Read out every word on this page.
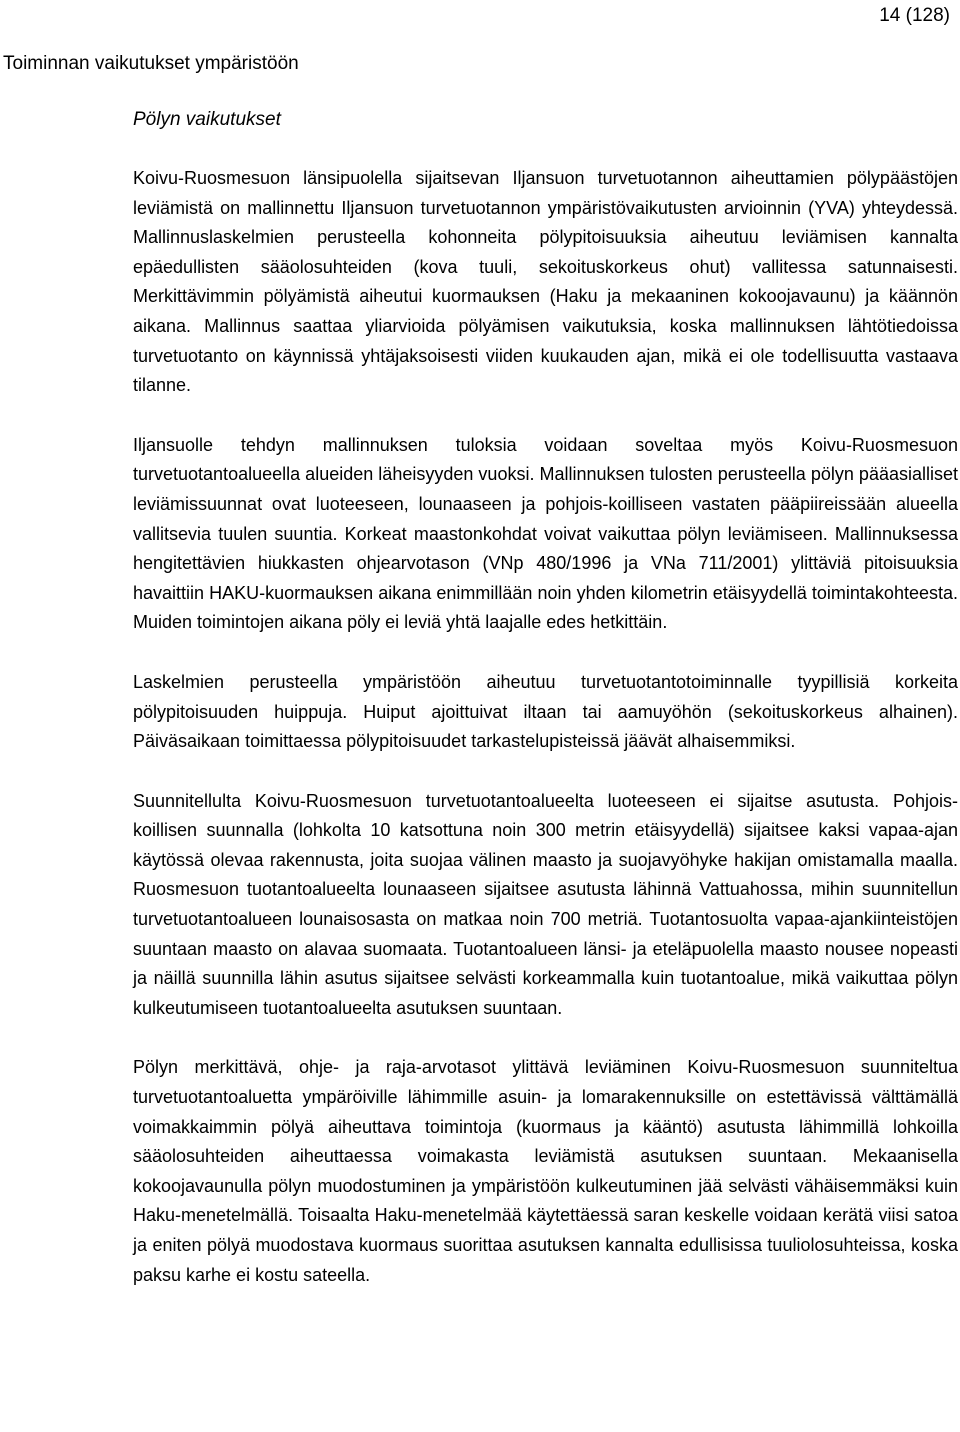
14 (128)
Toiminnan vaikutukset ympäristöön
Pölyn vaikutukset

Koivu-Ruosmesuon länsipuolella sijaitsevan Iljansuon turvetuotannon aiheuttamien pölypäästöjen leviämistä on mallinnettu Iljansuon turvetuotannon ympäristövaikutusten arvioinnin (YVA) yhteydessä. Mallinnuslaskelmien perusteella kohonneita pölypitoisuuksia aiheutuu leviämisen kannalta epäedullisten sääolosuhteiden (kova tuuli, sekoituskorkeus ohut) vallitessa satunnaisesti. Merkittävimmin pölyämistä aiheutui kuormauksen (Haku ja mekaaninen kokoojavaunu) ja käännön aikana. Mallinnus saattaa yliarvioida pölyämisen vaikutuksia, koska mallinnuksen lähtötiedoissa turvetuotanto on käynnissä yhtäjaksoisesti viiden kuukauden ajan, mikä ei ole todellisuutta vastaava tilanne.

Iljansuolle tehdyn mallinnuksen tuloksia voidaan soveltaa myös Koivu-Ruosmesuon turvetuotantoalueella alueiden läheisyyden vuoksi. Mallinnuksen tulosten perusteella pölyn pääasialliset leviämissuunnat ovat luoteeseen, lounaaseen ja pohjois-koilliseen vastaten pääpiireissään alueella vallitsevia tuulen suuntia. Korkeat maastonkohdat voivat vaikuttaa pölyn leviämiseen. Mallinnuksessa hengitettävien hiukkasten ohjearvotason (VNp 480/1996 ja VNa 711/2001) ylittäviä pitoisuuksia havaittiin HAKU-kuormauksen aikana enimmillään noin yhden kilometrin etäisyydellä toimintakohteesta. Muiden toimintojen aikana pöly ei leviä yhtä laajalle edes hetkittäin.

Laskelmien perusteella ympäristöön aiheutuu turvetuotantotoiminnalle tyypillisiä korkeita pölypitoisuuden huippuja. Huiput ajoittuivat iltaan tai aamuyöhön (sekoituskorkeus alhainen). Päiväsaikaan toimittaessa pölypitoisuudet tarkastelupisteissä jäävät alhaisemmiksi.

Suunnitellulta Koivu-Ruosmesuon turvetuotantoalueelta luoteeseen ei sijaitse asutusta. Pohjois-koillisen suunnalla (lohkolta 10 katsottuna noin 300 metrin etäisyydellä) sijaitsee kaksi vapaa-ajan käytössä olevaa rakennusta, joita suojaa välinen maasto ja suojavyöhyke hakijan omistamalla maalla. Ruosmesuon tuotantoalueelta lounaaseen sijaitsee asutusta lähinnä Vattuahossa, mihin suunnitellun turvetuotantoalueen lounaisosasta on matkaa noin 700 metriä. Tuotantosuolta vapaa-ajankiinteistöjen suuntaan maasto on alavaa suomaata. Tuotantoalueen länsi- ja eteläpuolella maasto nousee nopeasti ja näillä suunnilla lähin asutus sijaitsee selvästi korkeammalla kuin tuotantoalue, mikä vaikuttaa pölyn kulkeutumiseen tuotantoalueelta asutuksen suuntaan.

Pölyn merkittävä, ohje- ja raja-arvotasot ylittävä leviäminen Koivu-Ruosmesuon suunniteltua turvetuotantoaluetta ympäröiville lähimmille asuin- ja lomarakennuksille on estettävissä välttämällä voimakkaimmin pölyä aiheuttava toimintoja (kuormaus ja kääntö) asutusta lähimmillä lohkoilla sääolosuhteiden aiheuttaessa voimakasta leviämistä asutuksen suuntaan. Mekaanisella kokoojavaunulla pölyn muodostuminen ja ympäristöön kulkeutuminen jää selvästi vähäisemmäksi kuin Haku-menetelmällä. Toisaalta Haku-menetelmää käytettäessä saran keskelle voidaan kerätä viisi satoa ja eniten pölyä muodostava kuormaus suorittaa asutuksen kannalta edullisissa tuuliolosuhteissa, koska paksu karhe ei kostu sateella.
